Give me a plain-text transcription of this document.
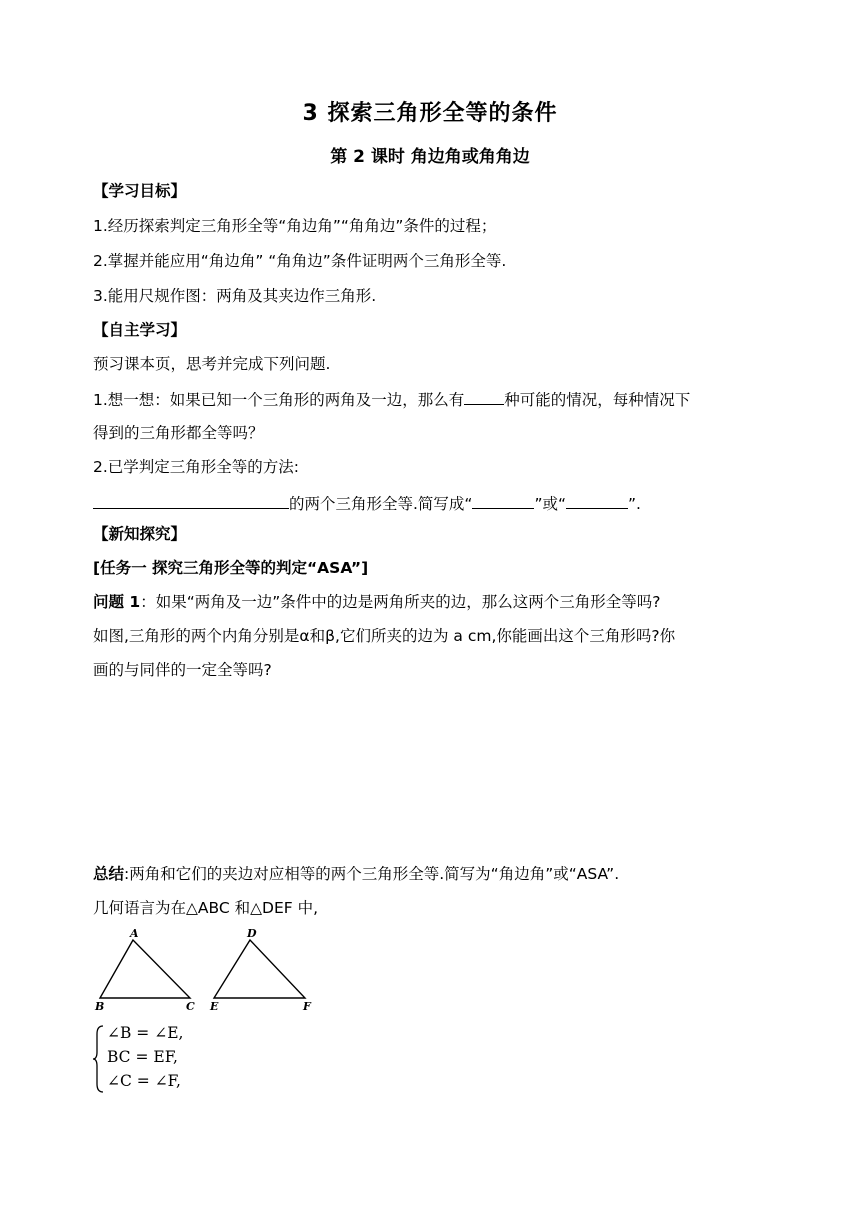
3 探索三角形全等的条件
第 2 课时 角边角或角角边
【学习目标】
1.经历探索判定三角形全等“角边角”“角角边”条件的过程；
2.掌握并能应用“角边角” “角角边”条件证明两个三角形全等.
3.能用尺规作图：两角及其夹边作三角形.
【自主学习】
预习课本页，思考并完成下列问题.
1.想一想：如果已知一个三角形的两角及一边，那么有	种可能的情况，每种情况下
得到的三角形都全等吗？
2.已学判定三角形全等的方法:
的两个三角形全等.简写成“	”或“	”.
【新知探究】
[任务一 探究三角形全等的判定“ASA”]
问题 1：如果“两角及一边”条件中的边是两角所夹的边，那么这两个三角形全等吗?
如图,三角形的两个内角分别是α和β,它们所夹的边为 a cm,你能画出这个三角形吗?你
画的与同伴的一定全等吗?
总结:两角和它们的夹边对应相等的两个三角形全等.简写为“角边角”或“ASA”.
几何语言为在△ABC 和△DEF 中,
A
B	C
D
E	F
∠B = ∠E,
BC = EF,
∠C = ∠F,
